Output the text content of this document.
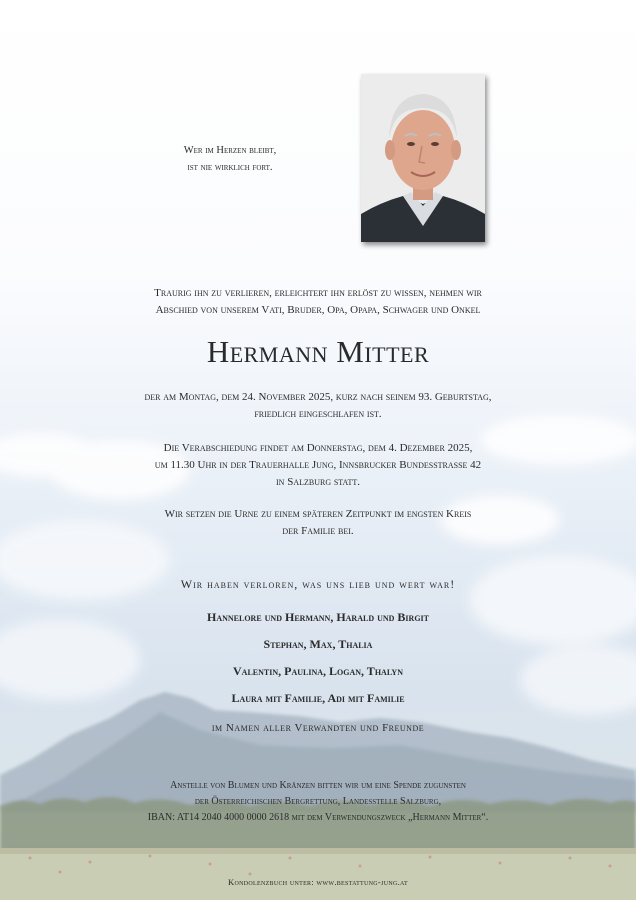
Wer im Herzen bleibt,
ist nie wirklich fort.
Traurig ihn zu verlieren, erleichtert ihn erlöst zu wissen, nehmen wir
Abschied von unserem Vati, Bruder, Opa, Opapa, Schwager und Onkel
Hermann Mitter
der am Montag, dem 24. November 2025, kurz nach seinem 93. Geburtstag,
friedlich eingeschlafen ist.
Die Verabschiedung findet am Donnerstag, dem 4. Dezember 2025,
um 11.30 Uhr in der Trauerhalle Jung, Innsbrucker Bundesstrasse 42
in Salzburg statt.
Wir setzen die Urne zu einem späteren Zeitpunkt im engsten Kreis
der Familie bei.
Wir haben verloren, was uns lieb und wert war!
Hannelore und Hermann, Harald und Birgit
Stephan, Max, Thalia
Valentin, Paulina, Logan, Thalyn
Laura mit Familie, Adi mit Familie
im Namen aller Verwandten und Freunde
Anstelle von Blumen und Kränzen bitten wir um eine Spende zugunsten
der Österreichischen Bergrettung, Landesstelle Salzburg,
IBAN: AT14 2040 4000 0000 2618 mit dem Verwendungszweck „Hermann Mitter“.
Kondolenzbuch unter: www.bestattung-jung.at
